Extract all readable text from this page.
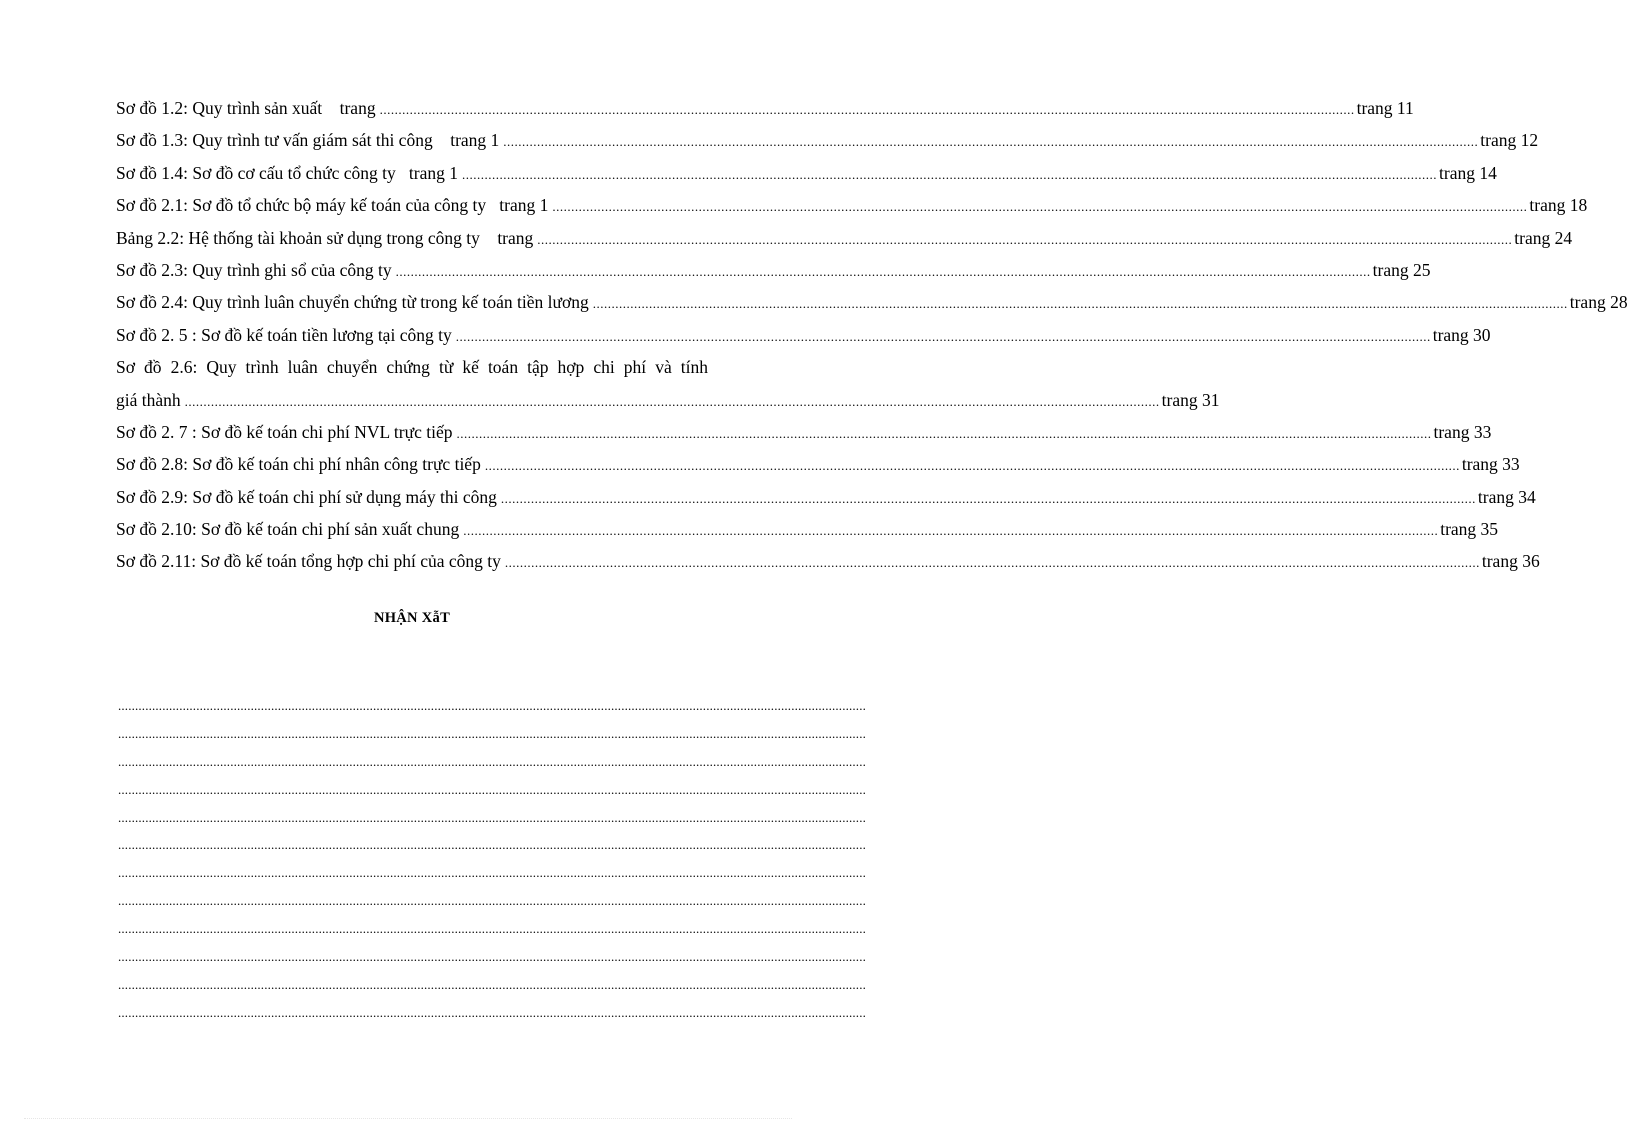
Sơ đồ 1.2: Quy trình sản xuất    trang .................................................................................................................................................................................................................................................................... trang 11
Sơ đồ 1.3: Quy trình tư vấn giám sát thi công    trang 1 .................................................................................................................................................................................................................................................................... trang 12
Sơ đồ 1.4: Sơ đồ cơ cấu tổ chức công ty   trang 1 .................................................................................................................................................................................................................................................................... trang 14
Sơ đồ 2.1: Sơ đồ tổ chức bộ máy kế toán của công ty   trang 1 .................................................................................................................................................................................................................................................................... trang 18
Bảng 2.2: Hệ thống tài khoản sử dụng trong công ty    trang .................................................................................................................................................................................................................................................................... trang 24
Sơ đồ 2.3: Quy trình ghi sổ của công ty .................................................................................................................................................................................................................................................................... trang 25
Sơ đồ 2.4: Quy trình luân chuyển chứng từ trong kế toán tiền lương .................................................................................................................................................................................................................................................................... trang 28
Sơ đồ 2. 5 : Sơ đồ kế toán tiền lương tại công ty .................................................................................................................................................................................................................................................................... trang 30
Sơ đồ 2.6: Quy trình luân chuyển chứng từ kế toán tập hợp chi phí và tính
giá thành .................................................................................................................................................................................................................................................................... trang 31
Sơ đồ 2. 7 : Sơ đồ kế toán chi phí NVL trực tiếp .................................................................................................................................................................................................................................................................... trang 33
Sơ đồ 2.8: Sơ đồ kế toán chi phí nhân công trực tiếp .................................................................................................................................................................................................................................................................... trang 33
Sơ đồ 2.9: Sơ đồ kế toán chi phí sử dụng máy thi công .................................................................................................................................................................................................................................................................... trang 34
Sơ đồ 2.10: Sơ đồ kế toán chi phí sản xuất chung .................................................................................................................................................................................................................................................................... trang 35
Sơ đồ 2.11: Sơ đồ kế toán tổng hợp chi phí của công ty .................................................................................................................................................................................................................................................................... trang 36
NHẬN XẫT
............................................................................................................................................................................................................................
............................................................................................................................................................................................................................
............................................................................................................................................................................................................................
............................................................................................................................................................................................................................
............................................................................................................................................................................................................................
............................................................................................................................................................................................................................
............................................................................................................................................................................................................................
............................................................................................................................................................................................................................
............................................................................................................................................................................................................................
............................................................................................................................................................................................................................
............................................................................................................................................................................................................................
............................................................................................................................................................................................................................
